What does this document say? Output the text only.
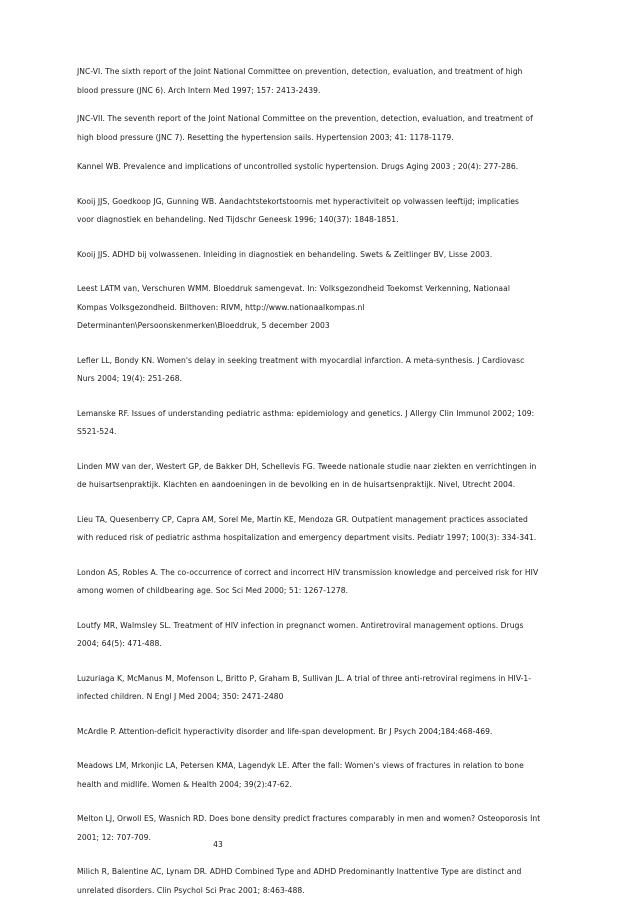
JNC-VI. The sixth report of the Joint National Committee on prevention, detection, evaluation, and treatment of high
blood pressure (JNC 6). Arch Intern Med 1997; 157: 2413-2439.
JNC-VII. The seventh report of the Joint National Committee on the prevention, detection, evaluation, and treatment of
high blood pressure (JNC 7). Resetting the hypertension sails. Hypertension 2003; 41: 1178-1179.
Kannel WB. Prevalence and implications of uncontrolled systolic hypertension. Drugs Aging 2003 ; 20(4): 277-286.
Kooij JJS, Goedkoop JG, Gunning WB. Aandachtstekortstoornis met hyperactiviteit op volwassen leeftijd; implicaties
voor diagnostiek en behandeling. Ned Tijdschr Geneesk 1996; 140(37): 1848-1851.
Kooij JJS. ADHD bij volwassenen. Inleiding in diagnostiek en behandeling. Swets & Zeitlinger BV, Lisse 2003.
Leest LATM van, Verschuren WMM. Bloeddruk samengevat. In: Volksgezondheid Toekomst Verkenning, Nationaal
Kompas Volksgezondheid. Bilthoven: RIVM, http://www.nationaalkompas.nl
Determinanten\Persoonskenmerken\Bloeddruk, 5 december 2003
Lefler LL, Bondy KN. Women's delay in seeking treatment with myocardial infarction. A meta-synthesis. J Cardiovasc
Nurs 2004; 19(4): 251-268.
Lemanske RF. Issues of understanding pediatric asthma: epidemiology and genetics. J Allergy Clin Immunol 2002; 109:
S521-524.
Linden MW van der, Westert GP, de Bakker DH, Schellevis FG. Tweede nationale studie naar ziekten en verrichtingen in
de huisartsenpraktijk. Klachten en aandoeningen in de bevolking en in de huisartsenpraktijk. Nivel, Utrecht 2004.
Lieu TA, Quesenberry CP, Capra AM, Sorel Me, Martin KE, Mendoza GR. Outpatient management practices associated
with reduced risk of pediatric asthma hospitalization and emergency department visits. Pediatr 1997; 100(3): 334-341.
London AS, Robles A. The co-occurrence of correct and incorrect HIV transmission knowledge and perceived risk for HIV
among women of childbearing age. Soc Sci Med 2000; 51: 1267-1278.
Loutfy MR, Walmsley SL. Treatment of HIV infection in pregnanct women. Antiretroviral management options. Drugs
2004; 64(5): 471-488.
Luzuriaga K, McManus M, Mofenson L, Britto P, Graham B, Sullivan JL. A trial of three anti-retroviral regimens in HIV-1-
infected children. N Engl J Med 2004; 350: 2471-2480
McArdle P. Attention-deficit hyperactivity disorder and life-span development. Br J Psych 2004;184:468-469.
Meadows LM, Mrkonjic LA, Petersen KMA, Lagendyk LE. After the fall: Women's views of fractures in relation to bone
health and midlife. Women & Health 2004; 39(2):47-62.
Melton LJ, Orwoll ES, Wasnich RD. Does bone density predict fractures comparably in men and women? Osteoporosis Int
2001; 12: 707-709.
Milich R, Balentine AC, Lynam DR. ADHD Combined Type and ADHD Predominantly Inattentive Type are distinct and
unrelated disorders. Clin Psychol Sci Prac 2001; 8:463-488.
43
